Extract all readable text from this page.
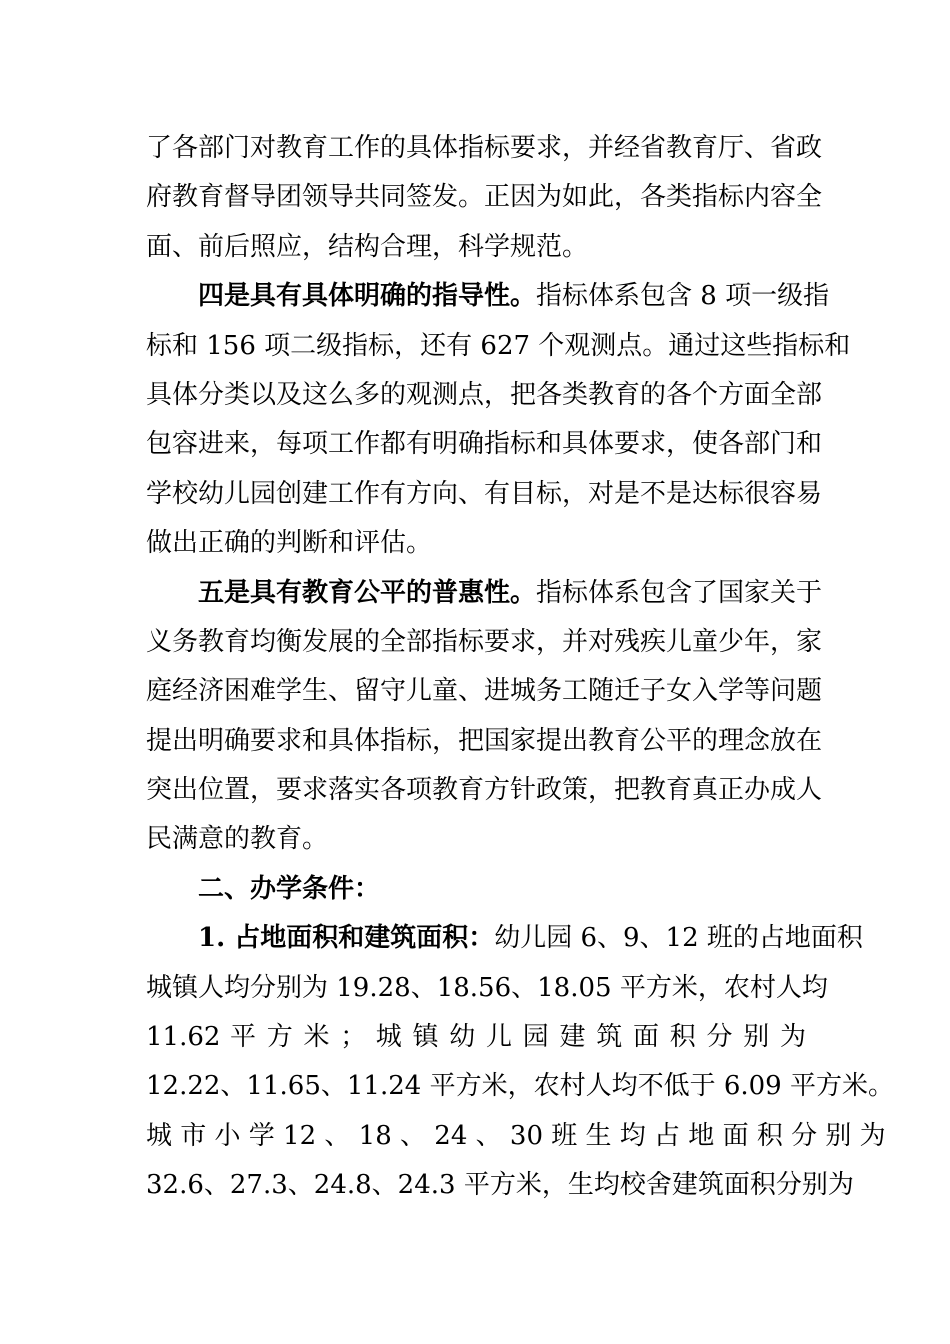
了各部门对教育工作的具体指标要求，并经省教育厅、省政
府教育督导团领导共同签发。正因为如此，各类指标内容全
面、前后照应，结构合理，科学规范。
四是具有具体明确的指导性。指标体系包含 8 项一级指
标和 156 项二级指标，还有 627 个观测点。通过这些指标和
具体分类以及这么多的观测点，把各类教育的各个方面全部
包容进来，每项工作都有明确指标和具体要求，使各部门和
学校幼儿园创建工作有方向、有目标，对是不是达标很容易
做出正确的判断和评估。
五是具有教育公平的普惠性。指标体系包含了国家关于
义务教育均衡发展的全部指标要求，并对残疾儿童少年，家
庭经济困难学生、留守儿童、进城务工随迁子女入学等问题
提出明确要求和具体指标，把国家提出教育公平的理念放在
突出位置，要求落实各项教育方针政策，把教育真正办成人
民满意的教育。
二、办学条件：
1. 占地面积和建筑面积：幼儿园 6、9、12 班的占地面积
城镇人均分别为 19.28、18.56、18.05 平方米，农村人均
11.62 平 方 米 ； 城 镇 幼 儿 园 建 筑 面 积 分 别 为
12.22、11.65、11.24 平方米，农村人均不低于 6.09 平方米。
城 市 小 学 12 、 18 、 24 、 30 班 生 均 占 地 面 积 分 别 为
32.6、27.3、24.8、24.3 平方米，生均校舍建筑面积分别为
